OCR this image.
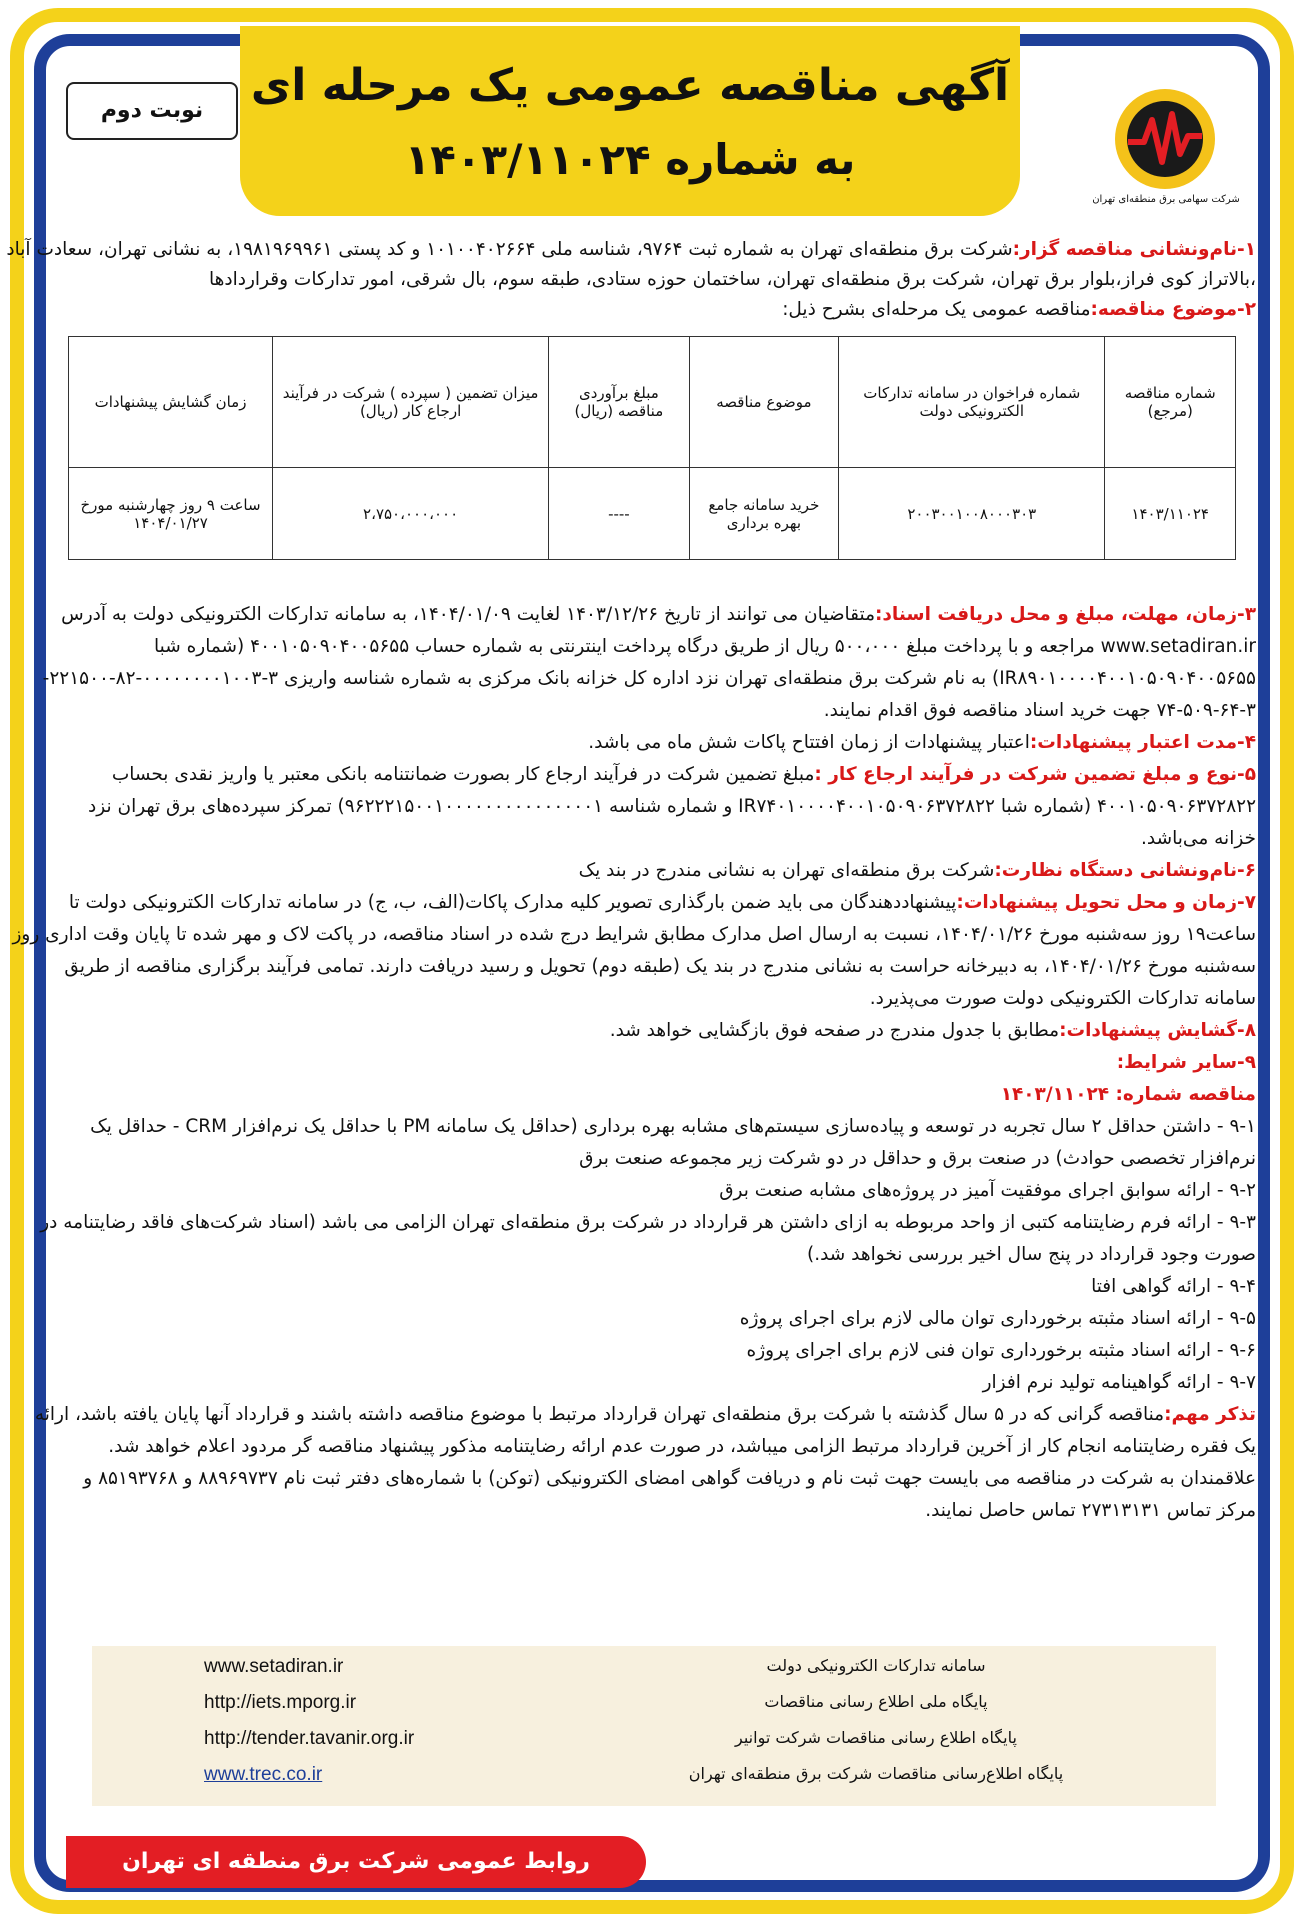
آگهی مناقصه عمومی یک مرحله ای
به شماره ۱۴۰۳/۱۱۰۲۴
نوبت دوم
شرکت سهامی برق منطقه‌ای تهران
۱-نام‌ونشانی مناقصه گزار:شرکت برق منطقه‌ای تهران به شماره ثبت ۹۷۶۴، شناسه ملی ۱۰۱۰۰۴۰۲۶۶۴ و کد پستی ۱۹۸۱۹۶۹۹۶۱، به نشانی تهران، سعادت آباد
،بالاتراز کوی فراز،بلوار برق تهران، شرکت برق منطقه‌ای تهران، ساختمان حوزه ستادی، طبقه سوم، بال شرقی، امور تدارکات وقراردادها
۲-موضوع مناقصه:مناقصه عمومی یک مرحله‌ای بشرح ذیل:
شماره مناقصه (مرجع)	شماره فراخوان در سامانه تدارکات الکترونیکی دولت	موضوع مناقصه	مبلغ برآوردی مناقصه (ریال)	میزان تضمین ( سپرده ) شرکت در فرآیند ارجاع کار (ریال)	زمان گشایش پیشنهادات
۱۴۰۳/۱۱۰۲۴	۲۰۰۳۰۰۱۰۰۸۰۰۰۳۰۳	خرید سامانه جامع بهره برداری	----	۲،۷۵۰،۰۰۰،۰۰۰	ساعت ۹ روز چهارشنبه مورخ ۱۴۰۴/۰۱/۲۷
۳-زمان، مهلت، مبلغ و محل دریافت اسناد:متقاضیان می توانند از تاریخ ۱۴۰۳/۱۲/۲۶ لغایت ۱۴۰۴/۰۱/۰۹، به سامانه تدارکات الکترونیکی دولت به آدرس
www.setadiran.ir مراجعه و با پرداخت مبلغ ۵۰۰،۰۰۰ ریال از طریق درگاه پرداخت اینترنتی به شماره حساب ۴۰۰۱۰۵۰۹۰۴۰۰۵۶۵۵ (شماره شبا
IR۸۹۰۱۰۰۰۰۴۰۰۱۰۵۰۹۰۴۰۰۵۶۵۵) به نام شرکت برق منطقه‌ای تهران نزد اداره کل خزانه بانک مرکزی به شماره شناسه واریزی ۳-۰۰۰۰۰۰۰۰۱۰۰۳-۸۲-۲۲۱۵۰۰-
۷۴-۵۰۹-۶۴-۳ جهت خرید اسناد مناقصه فوق اقدام نمایند.
۴-مدت اعتبار پیشنهادات:اعتبار پیشنهادات از زمان افتتاح پاکات شش ماه می باشد.
۵-نوع و مبلغ تضمین شرکت در فرآیند ارجاع کار :مبلغ تضمین شرکت در فرآیند ارجاع کار بصورت ضمانتنامه بانکی معتبر یا واریز نقدی بحساب
۴۰۰۱۰۵۰۹۰۶۳۷۲۸۲۲ (شماره شبا IR۷۴۰۱۰۰۰۰۴۰۰۱۰۵۰۹۰۶۳۷۲۸۲۲ و شماره شناسه ۹۶۲۲۲۱۵۰۰۱۰۰۰۰۰۰۰۰۰۰۰۰۰۰۰۱) تمرکز سپرده‌های برق تهران نزد
خزانه می‌باشد.
۶-نام‌ونشانی دستگاه نظارت:شرکت برق منطقه‌ای تهران به نشانی مندرج در بند یک
۷-زمان و محل تحویل پیشنهادات:پیشنهاددهندگان می باید ضمن بارگذاری تصویر کلیه مدارک پاکات(الف، ب، ج) در سامانه تدارکات الکترونیکی دولت تا
ساعت۱۹ روز سه‌شنبه مورخ ۱۴۰۴/۰۱/۲۶، نسبت به ارسال اصل مدارک مطابق شرایط درج شده در اسناد مناقصه، در پاکت لاک و مهر شده تا پایان وقت اداری روز
سه‌شنبه مورخ ۱۴۰۴/۰۱/۲۶، به دبیرخانه حراست به نشانی مندرج در بند یک (طبقه دوم) تحویل و رسید دریافت دارند. تمامی فرآیند برگزاری مناقصه از طریق
سامانه تدارکات الکترونیکی دولت صورت می‌پذیرد.
۸-گشایش پیشنهادات:مطابق با جدول مندرج در صفحه فوق بازگشایی خواهد شد.
۹-سایر شرایط:
مناقصه شماره: ۱۴۰۳/۱۱۰۲۴
۹-۱ - داشتن حداقل ۲ سال تجربه در توسعه و پیاده‌سازی سیستم‌های مشابه بهره برداری (حداقل یک سامانه PM با حداقل یک نرم‌افزار CRM - حداقل یک
نرم‌افزار تخصصی حوادث) در صنعت برق و حداقل در دو شرکت زیر مجموعه صنعت برق
۹-۲ - ارائه سوابق اجرای موفقیت آمیز در پروژه‌های مشابه صنعت برق
۹-۳ - ارائه فرم رضایتنامه کتبی از واحد مربوطه به ازای داشتن هر قرارداد در شرکت برق منطقه‌ای تهران الزامی می باشد (اسناد شرکت‌های فاقد رضایتنامه در
صورت وجود قرارداد در پنج سال اخیر بررسی نخواهد شد.)
۹-۴ - ارائه گواهی افتا
۹-۵ - ارائه اسناد مثبته برخورداری توان مالی لازم برای اجرای پروژه
۹-۶ - ارائه اسناد مثبته برخورداری توان فنی لازم برای اجرای پروژه
۹-۷ - ارائه گواهینامه تولید نرم افزار
تذکر مهم:مناقصه گرانی که در ۵ سال گذشته با شرکت برق منطقه‌ای تهران قرارداد مرتبط با موضوع مناقصه داشته باشند و قرارداد آنها پایان یافته باشد، ارائه
یک فقره رضایتنامه انجام کار از آخرین قرارداد مرتبط الزامی میباشد، در صورت عدم ارائه رضایتنامه مذکور پیشنهاد مناقصه گر مردود اعلام خواهد شد.
علاقمندان به شرکت در مناقصه می بایست جهت ثبت نام و دریافت گواهی امضای الکترونیکی (توکن) با شماره‌های دفتر ثبت نام ۸۸۹۶۹۷۳۷ و ۸۵۱۹۳۷۶۸ و
مرکز تماس ۲۷۳۱۳۱۳۱ تماس حاصل نمایند.
سامانه تدارکات الکترونیکی دولت
www.setadiran.ir
پایگاه ملی اطلاع رسانی مناقصات
http://iets.mporg.ir
پایگاه اطلاع رسانی مناقصات شرکت توانیر
http://tender.tavanir.org.ir
پایگاه اطلاع‌رسانی مناقصات شرکت برق منطقه‌ای تهران
www.trec.co.ir
روابط عمومی شرکت برق منطقه ای تهران
